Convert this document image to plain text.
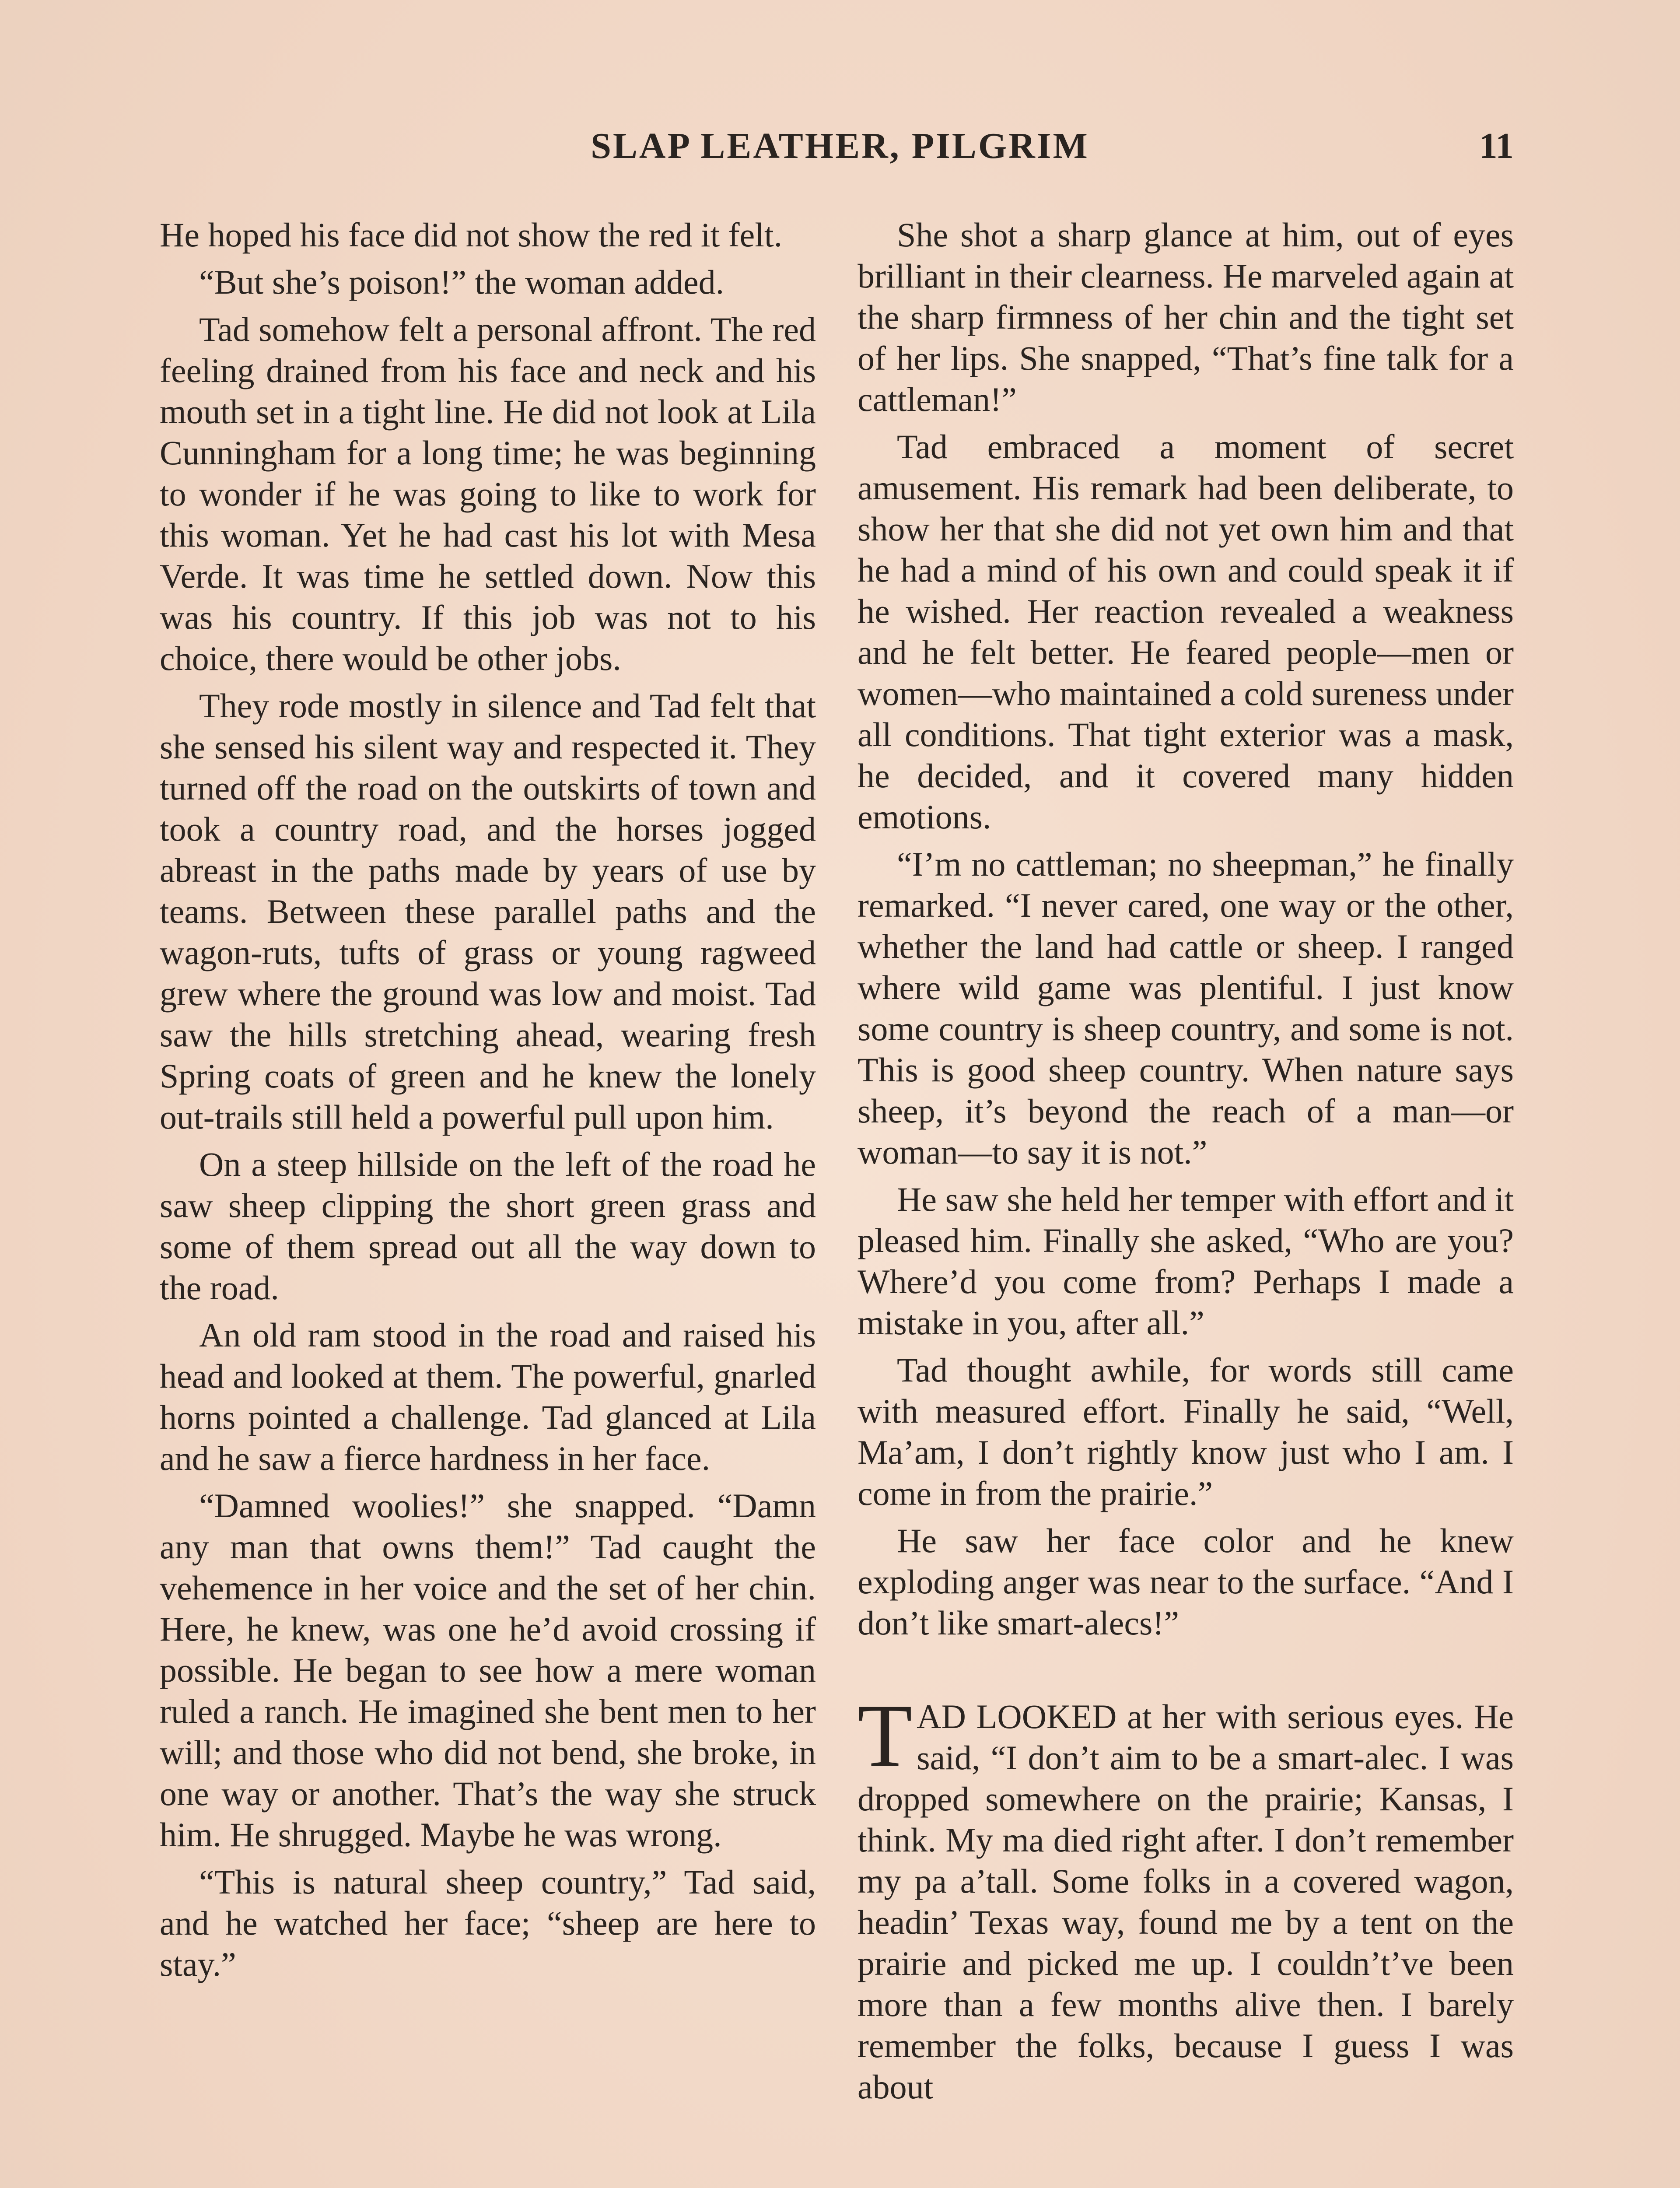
SLAP LEATHER, PILGRIM	11

He hoped his face did not show the red it felt.

“But she’s poison!” the woman added.

Tad somehow felt a personal affront. The red feeling drained from his face and neck and his mouth set in a tight line. He did not look at Lila Cunningham for a long time; he was beginning to wonder if he was going to like to work for this woman. Yet he had cast his lot with Mesa Verde. It was time he settled down. Now this was his country. If this job was not to his choice, there would be other jobs.

They rode mostly in silence and Tad felt that she sensed his silent way and respected it. They turned off the road on the outskirts of town and took a country road, and the horses jogged abreast in the paths made by years of use by teams. Between these parallel paths and the wagon-ruts, tufts of grass or young ragweed grew where the ground was low and moist. Tad saw the hills stretching ahead, wearing fresh Spring coats of green and he knew the lonely out-trails still held a powerful pull upon him.

On a steep hillside on the left of the road he saw sheep clipping the short green grass and some of them spread out all the way down to the road.

An old ram stood in the road and raised his head and looked at them. The powerful, gnarled horns pointed a challenge. Tad glanced at Lila and he saw a fierce hardness in her face.

“Damned woolies!” she snapped. “Damn any man that owns them!” Tad caught the vehemence in her voice and the set of her chin. Here, he knew, was one he’d avoid crossing if possible. He began to see how a mere woman ruled a ranch. He imagined she bent men to her will; and those who did not bend, she broke, in one way or another. That’s the way she struck him. He shrugged. Maybe he was wrong.

“This is natural sheep country,” Tad said, and he watched her face; “sheep are here to stay.”

She shot a sharp glance at him, out of eyes brilliant in their clearness. He marveled again at the sharp firmness of her chin and the tight set of her lips. She snapped, “That’s fine talk for a cattleman!”

Tad embraced a moment of secret amusement. His remark had been deliberate, to show her that she did not yet own him and that he had a mind of his own and could speak it if he wished. Her reaction revealed a weakness and he felt better. He feared people—men or women—who maintained a cold sureness under all conditions. That tight exterior was a mask, he decided, and it covered many hidden emotions.

“I’m no cattleman; no sheepman,” he finally remarked. “I never cared, one way or the other, whether the land had cattle or sheep. I ranged where wild game was plentiful. I just know some country is sheep country, and some is not. This is good sheep country. When nature says sheep, it’s beyond the reach of a man—or woman—to say it is not.”

He saw she held her temper with effort and it pleased him. Finally she asked, “Who are you? Where’d you come from? Perhaps I made a mistake in you, after all.”

Tad thought awhile, for words still came with measured effort. Finally he said, “Well, Ma’am, I don’t rightly know just who I am. I come in from the prairie.”

He saw her face color and he knew exploding anger was near to the surface. “And I don’t like smart-alecs!”

TAD LOOKED at her with serious eyes. He said, “I don’t aim to be a smart-alec. I was dropped somewhere on the prairie; Kansas, I think. My ma died right after. I don’t remember my pa a’tall. Some folks in a covered wagon, headin’ Texas way, found me by a tent on the prairie and picked me up. I couldn’t’ve been more than a few months alive then. I barely remember the folks, because I guess I was about
